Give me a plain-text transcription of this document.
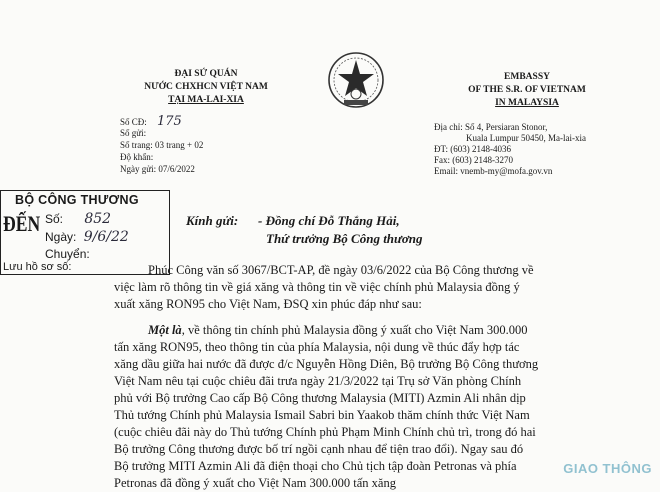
ĐẠI SỨ QUÁN
NƯỚC CHXHCN VIỆT NAM
TẠI MA-LAI-XIA
EMBASSY
OF THE S.R. OF VIETNAM
IN MALAYSIA
Số CĐ: 175
Số gửi:
Số trang: 03 trang + 02
Độ khẩn:
Ngày gửi: 07/6/2022
Địa chỉ: Số 4, Persiaran Stonor,
Kuala Lumpur 50450, Ma-lai-xia
ĐT: (603) 2148-4036
Fax: (603) 2148-3270
Email: vnemb-my@mofa.gov.vn
BỘ CÔNG THƯƠNG
ĐẾN Số: 852
Ngày: 9/6/22
Chuyển:
Lưu hồ sơ số:
Kính gửi: - Đồng chí Đỗ Thắng Hải,
Thứ trưởng Bộ Công thương
Phúc Công văn số 3067/BCT-AP, đề ngày 03/6/2022 của Bộ Công thương về
việc làm rõ thông tin về giá xăng và thông tin về việc chính phủ Malaysia đồng ý
xuất xăng RON95 cho Việt Nam, ĐSQ xin phúc đáp như sau:
Một là, về thông tin chính phủ Malaysia đồng ý xuất cho Việt Nam 300.000
tấn xăng RON95, theo thông tin của phía Malaysia, nội dung về thúc đẩy hợp tác
xăng dầu giữa hai nước đã được đ/c Nguyễn Hồng Diên, Bộ trưởng Bộ Công thương
Việt Nam nêu tại cuộc chiêu đãi trưa ngày 21/3/2022 tại Trụ sở Văn phòng Chính
phủ với Bộ trưởng Cao cấp Bộ Công thương Malaysia (MITI) Azmin Ali nhân dịp
Thủ tướng Chính phủ Malaysia Ismail Sabri bin Yaakob thăm chính thức Việt Nam
(cuộc chiêu đãi này do Thủ tướng Chính phủ Phạm Minh Chính chủ trì, trong đó hai
Bộ trưởng Công thương được bố trí ngồi cạnh nhau để tiện trao đổi). Ngay sau đó
Bộ trưởng MITI Azmin Ali đã điện thoại cho Chủ tịch tập đoàn Petronas và phía
Petronas đã đồng ý xuất cho Việt Nam 300.000 tấn xăng
GIAO THÔNG
